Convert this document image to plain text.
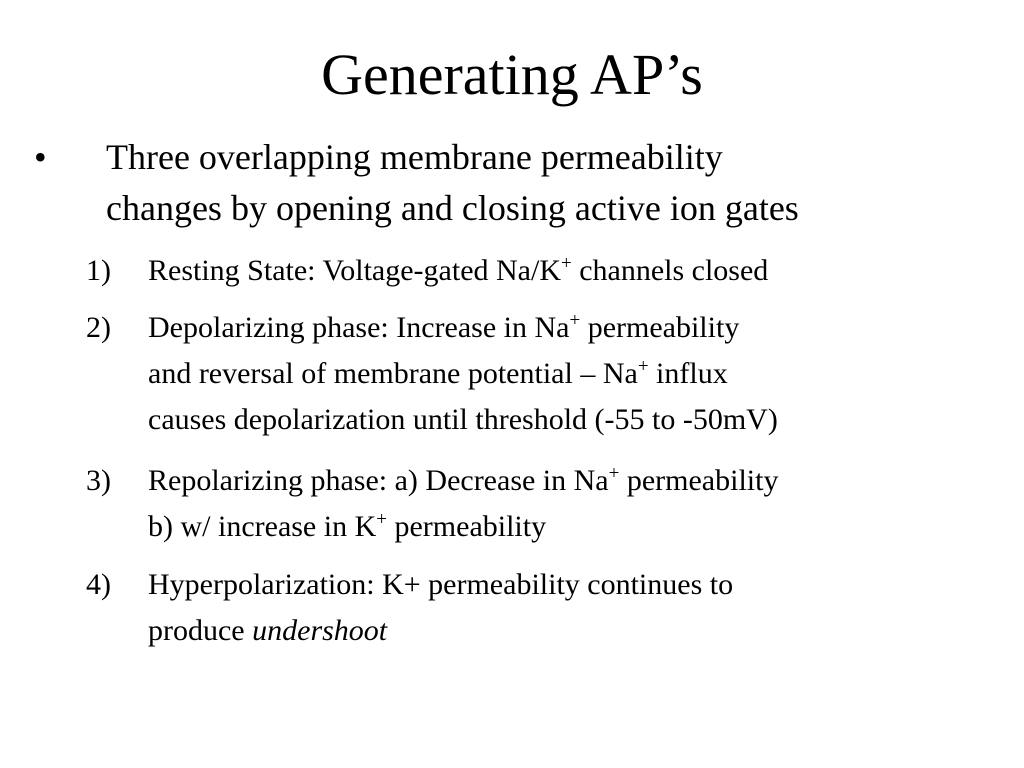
Generating AP’s
• Three overlapping membrane permeability
changes by opening and closing active ion gates
1) Resting State: Voltage-gated Na/K+ channels closed
2) Depolarizing phase: Increase in Na+ permeability
and reversal of membrane potential – Na+ influx
causes depolarization until threshold (-55 to -50mV)
3) Repolarizing phase: a) Decrease in Na+ permeability
b) w/ increase in K+ permeability
4) Hyperpolarization: K+ permeability continues to
produce undershoot
